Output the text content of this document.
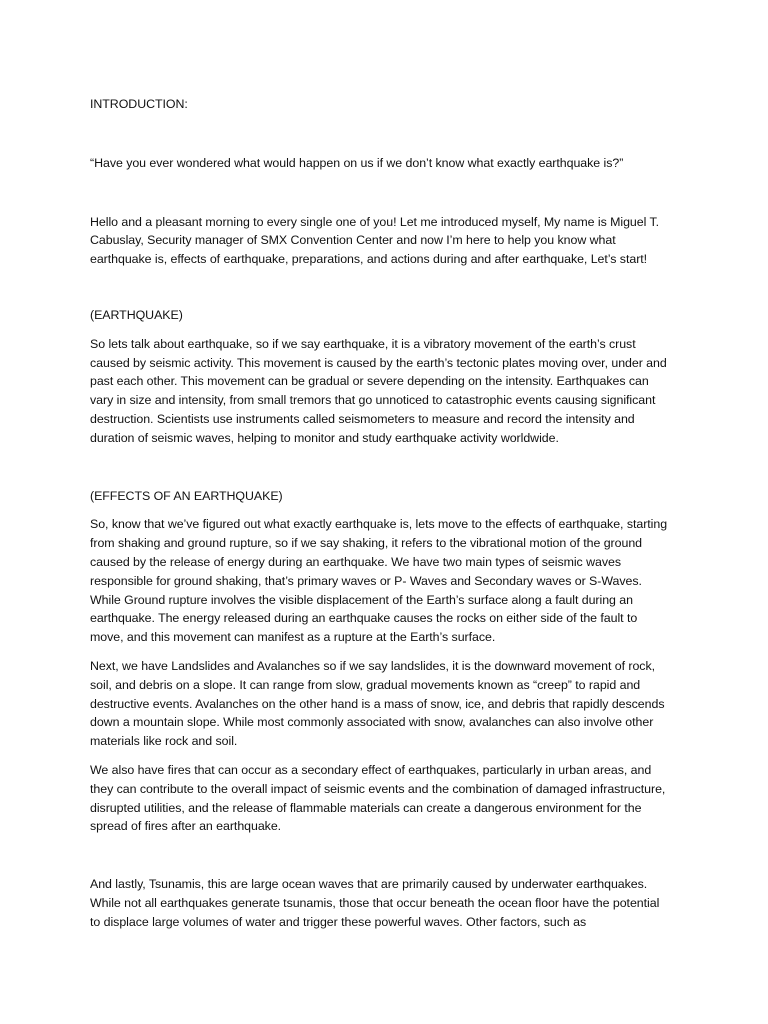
INTRODUCTION:

“Have you ever wondered what would happen on us if we don’t know what exactly earthquake is?”

Hello and a pleasant morning to every single one of you! Let me introduced myself, My name is Miguel T. Cabuslay, Security manager of SMX Convention Center and now I’m here to help you know what earthquake is, effects of earthquake, preparations, and actions during and after earthquake, Let’s start!

(EARTHQUAKE)

So lets talk about earthquake, so if we say earthquake, it is a vibratory movement of the earth’s crust caused by seismic activity. This movement is caused by the earth’s tectonic plates moving over, under and past each other. This movement can be gradual or severe depending on the intensity. Earthquakes can vary in size and intensity, from small tremors that go unnoticed to catastrophic events causing significant destruction. Scientists use instruments called seismometers to measure and record the intensity and duration of seismic waves, helping to monitor and study earthquake activity worldwide.

(EFFECTS OF AN EARTHQUAKE)

So, know that we’ve figured out what exactly earthquake is, lets move to the effects of earthquake, starting from shaking and ground rupture, so if we say shaking, it refers to the vibrational motion of the ground caused by the release of energy during an earthquake. We have two main types of seismic waves responsible for ground shaking, that’s primary waves or P- Waves and Secondary waves or S-Waves. While Ground rupture involves the visible displacement of the Earth’s surface along a fault during an earthquake. The energy released during an earthquake causes the rocks on either side of the fault to move, and this movement can manifest as a rupture at the Earth’s surface.

Next, we have Landslides and Avalanches so if we say landslides, it is the downward movement of rock, soil, and debris on a slope. It can range from slow, gradual movements known as “creep” to rapid and destructive events. Avalanches on the other hand is a mass of snow, ice, and debris that rapidly descends down a mountain slope. While most commonly associated with snow, avalanches can also involve other materials like rock and soil.

We also have fires that can occur as a secondary effect of earthquakes, particularly in urban areas, and they can contribute to the overall impact of seismic events and the combination of damaged infrastructure, disrupted utilities, and the release of flammable materials can create a dangerous environment for the spread of fires after an earthquake.

And lastly, Tsunamis, this are large ocean waves that are primarily caused by underwater earthquakes. While not all earthquakes generate tsunamis, those that occur beneath the ocean floor have the potential to displace large volumes of water and trigger these powerful waves. Other factors, such as
